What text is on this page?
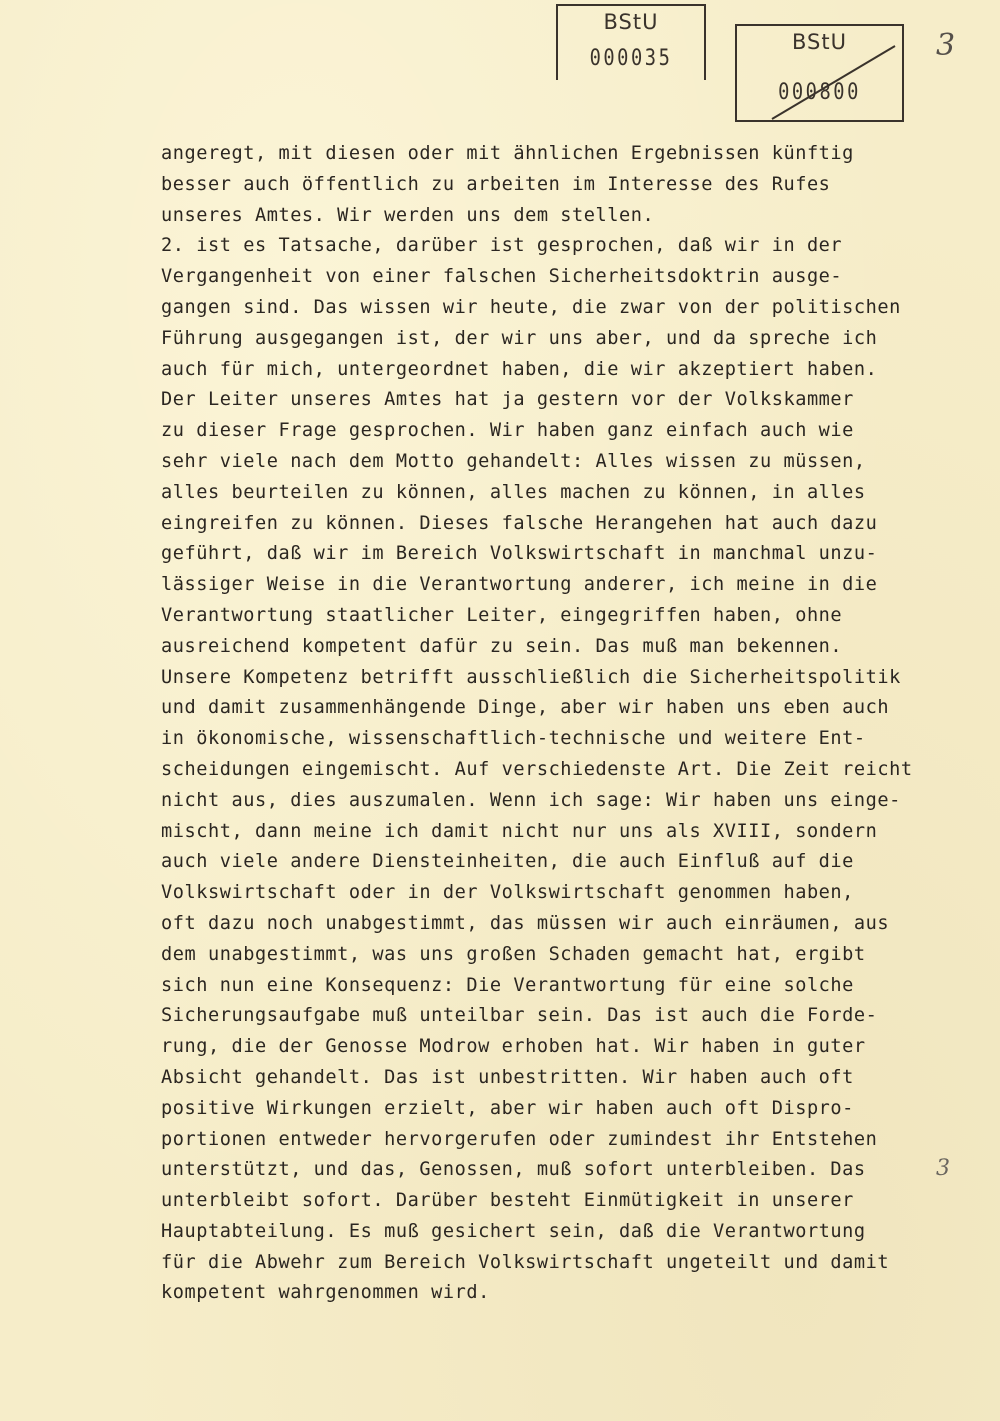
BStU
000035
BStU
000800
3
3
angeregt, mit diesen oder mit ähnlichen Ergebnissen künftig
besser auch öffentlich zu arbeiten im Interesse des Rufes
unseres Amtes. Wir werden uns dem stellen.
2. ist es Tatsache, darüber ist gesprochen, daß wir in der
Vergangenheit von einer falschen Sicherheitsdoktrin ausge-
gangen sind. Das wissen wir heute, die zwar von der politischen
Führung ausgegangen ist, der wir uns aber, und da spreche ich
auch für mich, untergeordnet haben, die wir akzeptiert haben.
Der Leiter unseres Amtes hat ja gestern vor der Volkskammer
zu dieser Frage gesprochen. Wir haben ganz einfach auch wie
sehr viele nach dem Motto gehandelt: Alles wissen zu müssen,
alles beurteilen zu können, alles machen zu können, in alles
eingreifen zu können. Dieses falsche Herangehen hat auch dazu
geführt, daß wir im Bereich Volkswirtschaft in manchmal unzu-
lässiger Weise in die Verantwortung anderer, ich meine in die
Verantwortung staatlicher Leiter, eingegriffen haben, ohne
ausreichend kompetent dafür zu sein. Das muß man bekennen.
Unsere Kompetenz betrifft ausschließlich die Sicherheitspolitik
und damit zusammenhängende Dinge, aber wir haben uns eben auch
in ökonomische, wissenschaftlich-technische und weitere Ent-
scheidungen eingemischt. Auf verschiedenste Art. Die Zeit reicht
nicht aus, dies auszumalen. Wenn ich sage: Wir haben uns einge-
mischt, dann meine ich damit nicht nur uns als XVIII, sondern
auch viele andere Diensteinheiten, die auch Einfluß auf die
Volkswirtschaft oder in der Volkswirtschaft genommen haben,
oft dazu noch unabgestimmt, das müssen wir auch einräumen, aus
dem unabgestimmt, was uns großen Schaden gemacht hat, ergibt
sich nun eine Konsequenz: Die Verantwortung für eine solche
Sicherungsaufgabe muß unteilbar sein. Das ist auch die Forde-
rung, die der Genosse Modrow erhoben hat. Wir haben in guter
Absicht gehandelt. Das ist unbestritten. Wir haben auch oft
positive Wirkungen erzielt, aber wir haben auch oft Dispro-
portionen entweder hervorgerufen oder zumindest ihr Entstehen
unterstützt, und das, Genossen, muß sofort unterbleiben. Das
unterbleibt sofort. Darüber besteht Einmütigkeit in unserer
Hauptabteilung. Es muß gesichert sein, daß die Verantwortung
für die Abwehr zum Bereich Volkswirtschaft ungeteilt und damit
kompetent wahrgenommen wird.
